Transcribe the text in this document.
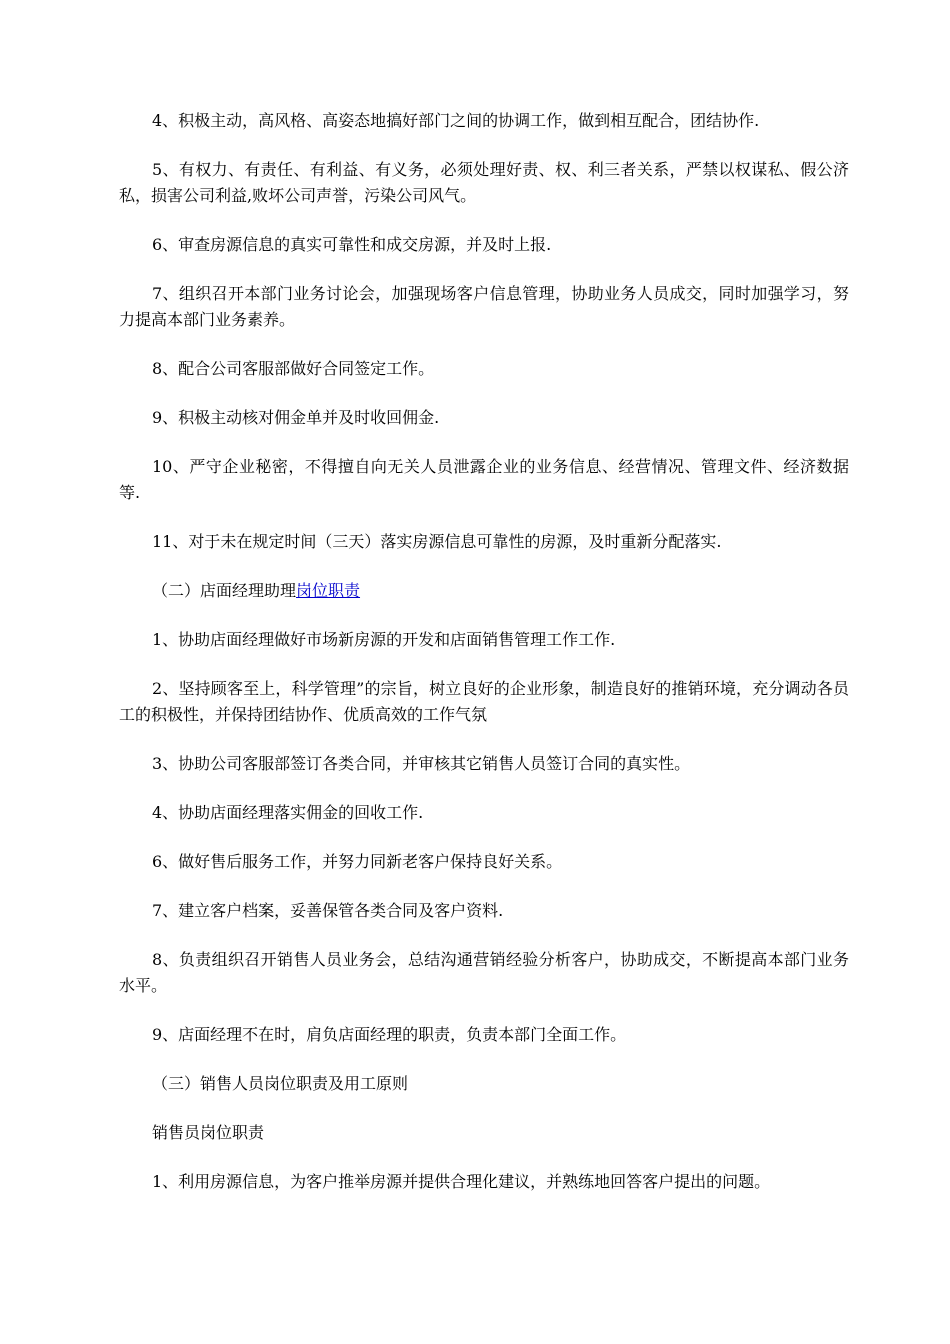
4、积极主动，高风格、高姿态地搞好部门之间的协调工作，做到相互配合，团结协作.

5、有权力、有责任、有利益、有义务，必须处理好责、权、利三者关系，严禁以权谋私、假公济私，损害公司利益,败坏公司声誉，污染公司风气。

6、审查房源信息的真实可靠性和成交房源，并及时上报.

7、组织召开本部门业务讨论会，加强现场客户信息管理，协助业务人员成交，同时加强学习，努力提高本部门业务素养。

8、配合公司客服部做好合同签定工作。

9、积极主动核对佣金单并及时收回佣金.

10、严守企业秘密，不得擅自向无关人员泄露企业的业务信息、经营情况、管理文件、经济数据等.

11、对于未在规定时间（三天）落实房源信息可靠性的房源，及时重新分配落实.

（二）店面经理助理岗位职责

1、协助店面经理做好市场新房源的开发和店面销售管理工作工作.

2、坚持顾客至上，科学管理”的宗旨，树立良好的企业形象，制造良好的推销环境，充分调动各员工的积极性，并保持团结协作、优质高效的工作气氛

3、协助公司客服部签订各类合同，并审核其它销售人员签订合同的真实性。

4、协助店面经理落实佣金的回收工作.

6、做好售后服务工作，并努力同新老客户保持良好关系。

7、建立客户档案，妥善保管各类合同及客户资料.

8、负责组织召开销售人员业务会，总结沟通营销经验分析客户，协助成交，不断提高本部门业务水平。

9、店面经理不在时，肩负店面经理的职责，负责本部门全面工作。

（三）销售人员岗位职责及用工原则

销售员岗位职责

1、利用房源信息，为客户推举房源并提供合理化建议，并熟练地回答客户提出的问题。
